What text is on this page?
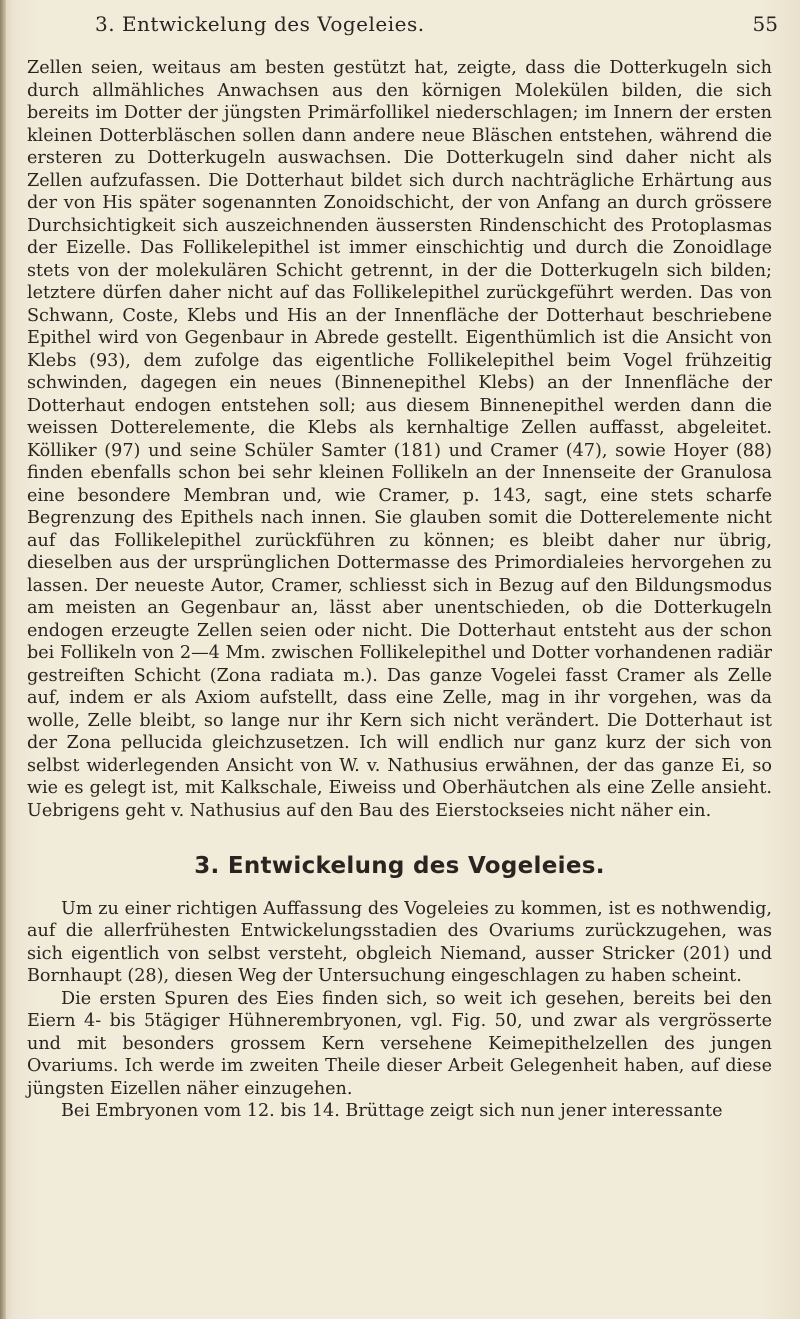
3. Entwickelung des Vogeleies.	55

Zellen seien, weitaus am besten gestützt hat, zeigte, dass die Dotterkugeln sich durch allmähliches Anwachsen aus den körnigen Molekülen bilden, die sich bereits im Dotter der jüngsten Primärfollikel niederschlagen; im Innern der ersten kleinen Dotterbläschen sollen dann andere neue Bläschen entstehen, während die ersteren zu Dotterkugeln auswachsen. Die Dotterkugeln sind daher nicht als Zellen aufzufassen. Die Dotterhaut bildet sich durch nachträgliche Erhärtung aus der von His später sogenannten Zonoidschicht, der von Anfang an durch grössere Durchsichtigkeit sich auszeichnenden äussersten Rindenschicht des Protoplasmas der Eizelle. Das Follikelepithel ist immer einschichtig und durch die Zonoidlage stets von der molekulären Schicht getrennt, in der die Dotterkugeln sich bilden; letztere dürfen daher nicht auf das Follikelepithel zurückgeführt werden. Das von Schwann, Coste, Klebs und His an der Innenfläche der Dotterhaut beschriebene Epithel wird von Gegenbaur in Abrede gestellt. Eigenthümlich ist die Ansicht von Klebs (93), dem zufolge das eigentliche Follikelepithel beim Vogel frühzeitig schwinden, dagegen ein neues (Binnenepithel Klebs) an der Innenfläche der Dotterhaut endogen entstehen soll; aus diesem Binnenepithel werden dann die weissen Dotterelemente, die Klebs als kernhaltige Zellen auffasst, abgeleitet. Kölliker (97) und seine Schüler Samter (181) und Cramer (47), sowie Hoyer (88) finden ebenfalls schon bei sehr kleinen Follikeln an der Innenseite der Granulosa eine besondere Membran und, wie Cramer, p. 143, sagt, eine stets scharfe Begrenzung des Epithels nach innen. Sie glauben somit die Dotterelemente nicht auf das Follikelepithel zurückführen zu können; es bleibt daher nur übrig, dieselben aus der ursprünglichen Dottermasse des Primordialeies hervorgehen zu lassen. Der neueste Autor, Cramer, schliesst sich in Bezug auf den Bildungsmodus am meisten an Gegenbaur an, lässt aber unentschieden, ob die Dotterkugeln endogen erzeugte Zellen seien oder nicht. Die Dotterhaut entsteht aus der schon bei Follikeln von 2—4 Mm. zwischen Follikelepithel und Dotter vorhandenen radiär gestreiften Schicht (Zona radiata m.). Das ganze Vogelei fasst Cramer als Zelle auf, indem er als Axiom aufstellt, dass eine Zelle, mag in ihr vorgehen, was da wolle, Zelle bleibt, so lange nur ihr Kern sich nicht verändert. Die Dotterhaut ist der Zona pellucida gleichzusetzen. Ich will endlich nur ganz kurz der sich von selbst widerlegenden Ansicht von W. v. Nathusius erwähnen, der das ganze Ei, so wie es gelegt ist, mit Kalkschale, Eiweiss und Oberhäutchen als eine Zelle ansieht. Uebrigens geht v. Nathusius auf den Bau des Eierstockseies nicht näher ein.

3. Entwickelung des Vogeleies.

Um zu einer richtigen Auffassung des Vogeleies zu kommen, ist es nothwendig, auf die allerfrühesten Entwickelungsstadien des Ovariums zurückzugehen, was sich eigentlich von selbst versteht, obgleich Niemand, ausser Stricker (201) und Bornhaupt (28), diesen Weg der Untersuchung eingeschlagen zu haben scheint.

Die ersten Spuren des Eies finden sich, so weit ich gesehen, bereits bei den Eiern 4- bis 5tägiger Hühnerembryonen, vgl. Fig. 50, und zwar als vergrösserte und mit besonders grossem Kern versehene Keimepithelzellen des jungen Ovariums. Ich werde im zweiten Theile dieser Arbeit Gelegenheit haben, auf diese jüngsten Eizellen näher einzugehen.

Bei Embryonen vom 12. bis 14. Brüttage zeigt sich nun jener interessante
